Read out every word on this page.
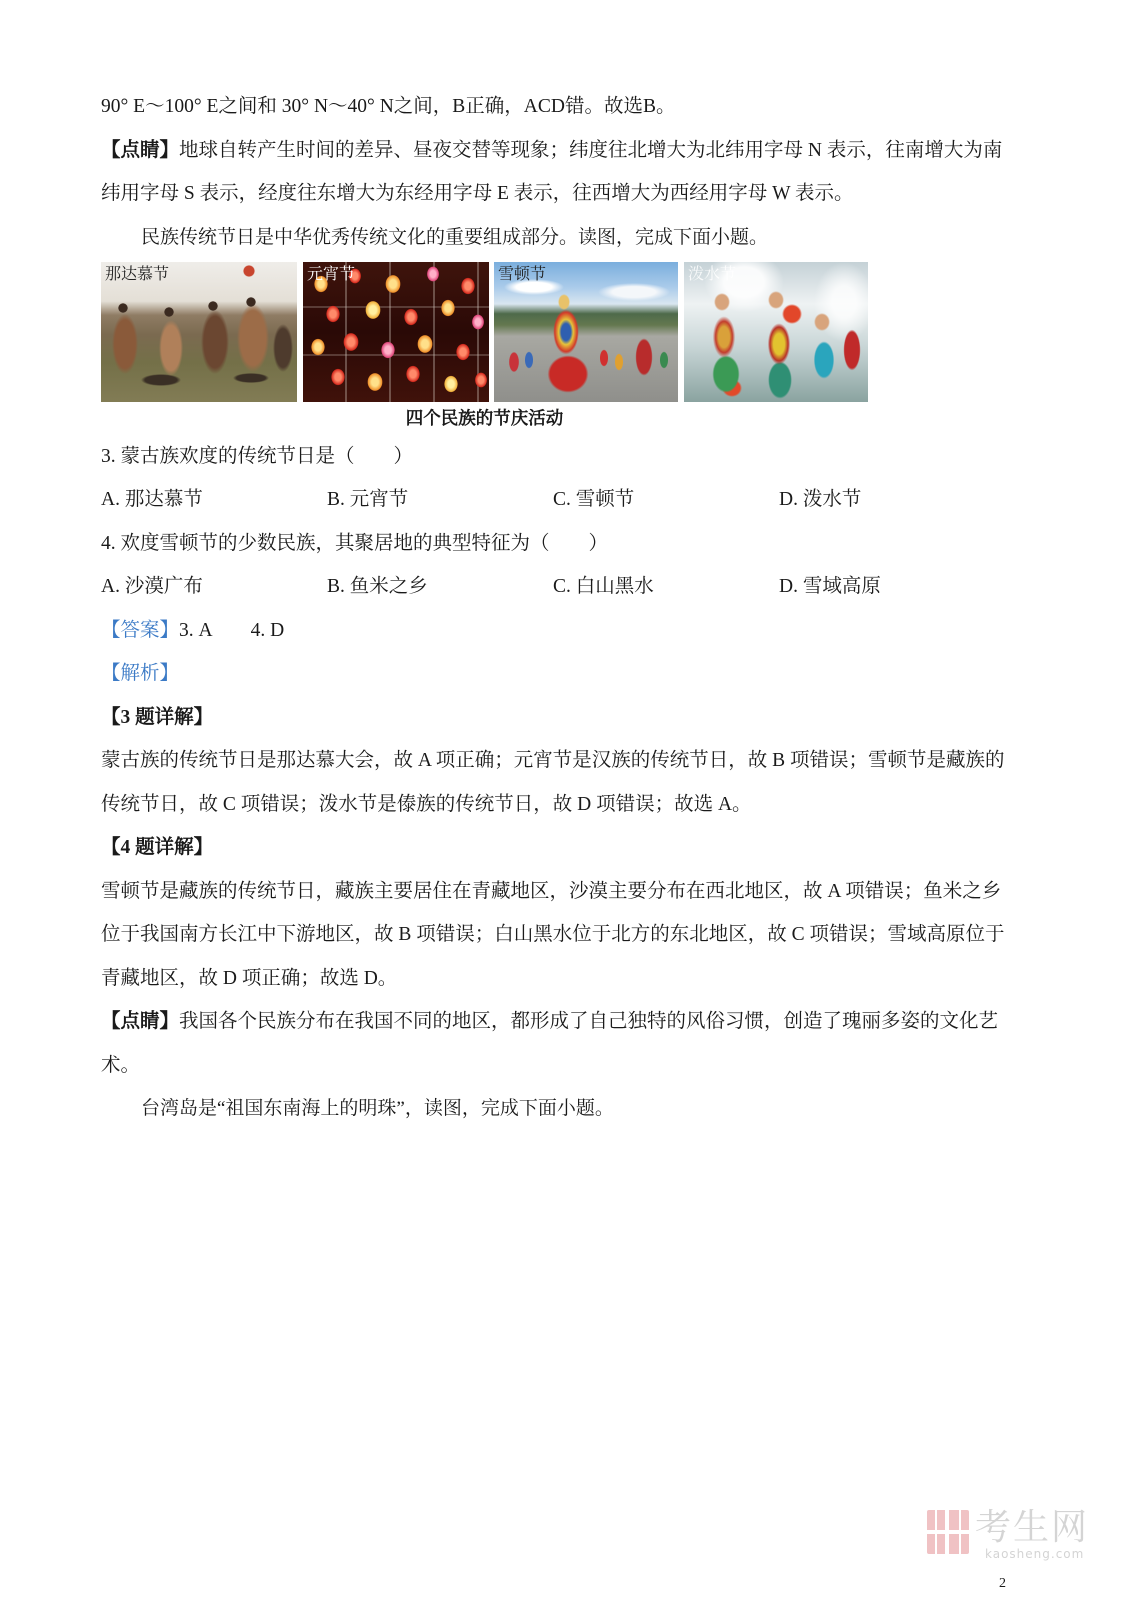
90° E～100° E之间和 30° N～40° N之间，B正确，ACD错。故选B。
【点睛】地球自转产生时间的差异、昼夜交替等现象；纬度往北增大为北纬用字母 N 表示，往南增大为南
纬用字母 S 表示，经度往东增大为东经用字母 E 表示，往西增大为西经用字母 W 表示。
民族传统节日是中华优秀传统文化的重要组成部分。读图，完成下面小题。
那达慕节	元宵节	雪顿节	泼水节
四个民族的节庆活动
3. 蒙古族欢度的传统节日是（　　）
A. 那达慕节	B. 元宵节	C. 雪顿节	D. 泼水节
4. 欢度雪顿节的少数民族，其聚居地的典型特征为（　　）
A. 沙漠广布	B. 鱼米之乡	C. 白山黑水	D. 雪域高原
【答案】3. A 4. D
【解析】
【3 题详解】
蒙古族的传统节日是那达慕大会，故 A 项正确；元宵节是汉族的传统节日，故 B 项错误；雪顿节是藏族的
传统节日，故 C 项错误；泼水节是傣族的传统节日，故 D 项错误；故选 A。
【4 题详解】
雪顿节是藏族的传统节日，藏族主要居住在青藏地区，沙漠主要分布在西北地区，故 A 项错误；鱼米之乡
位于我国南方长江中下游地区，故 B 项错误；白山黑水位于北方的东北地区，故 C 项错误；雪域高原位于
青藏地区，故 D 项正确；故选 D。
【点睛】我国各个民族分布在我国不同的地区，都形成了自己独特的风俗习惯，创造了瑰丽多姿的文化艺
术。
台湾岛是“祖国东南海上的明珠”，读图，完成下面小题。
考生网
kaosheng.com
2
